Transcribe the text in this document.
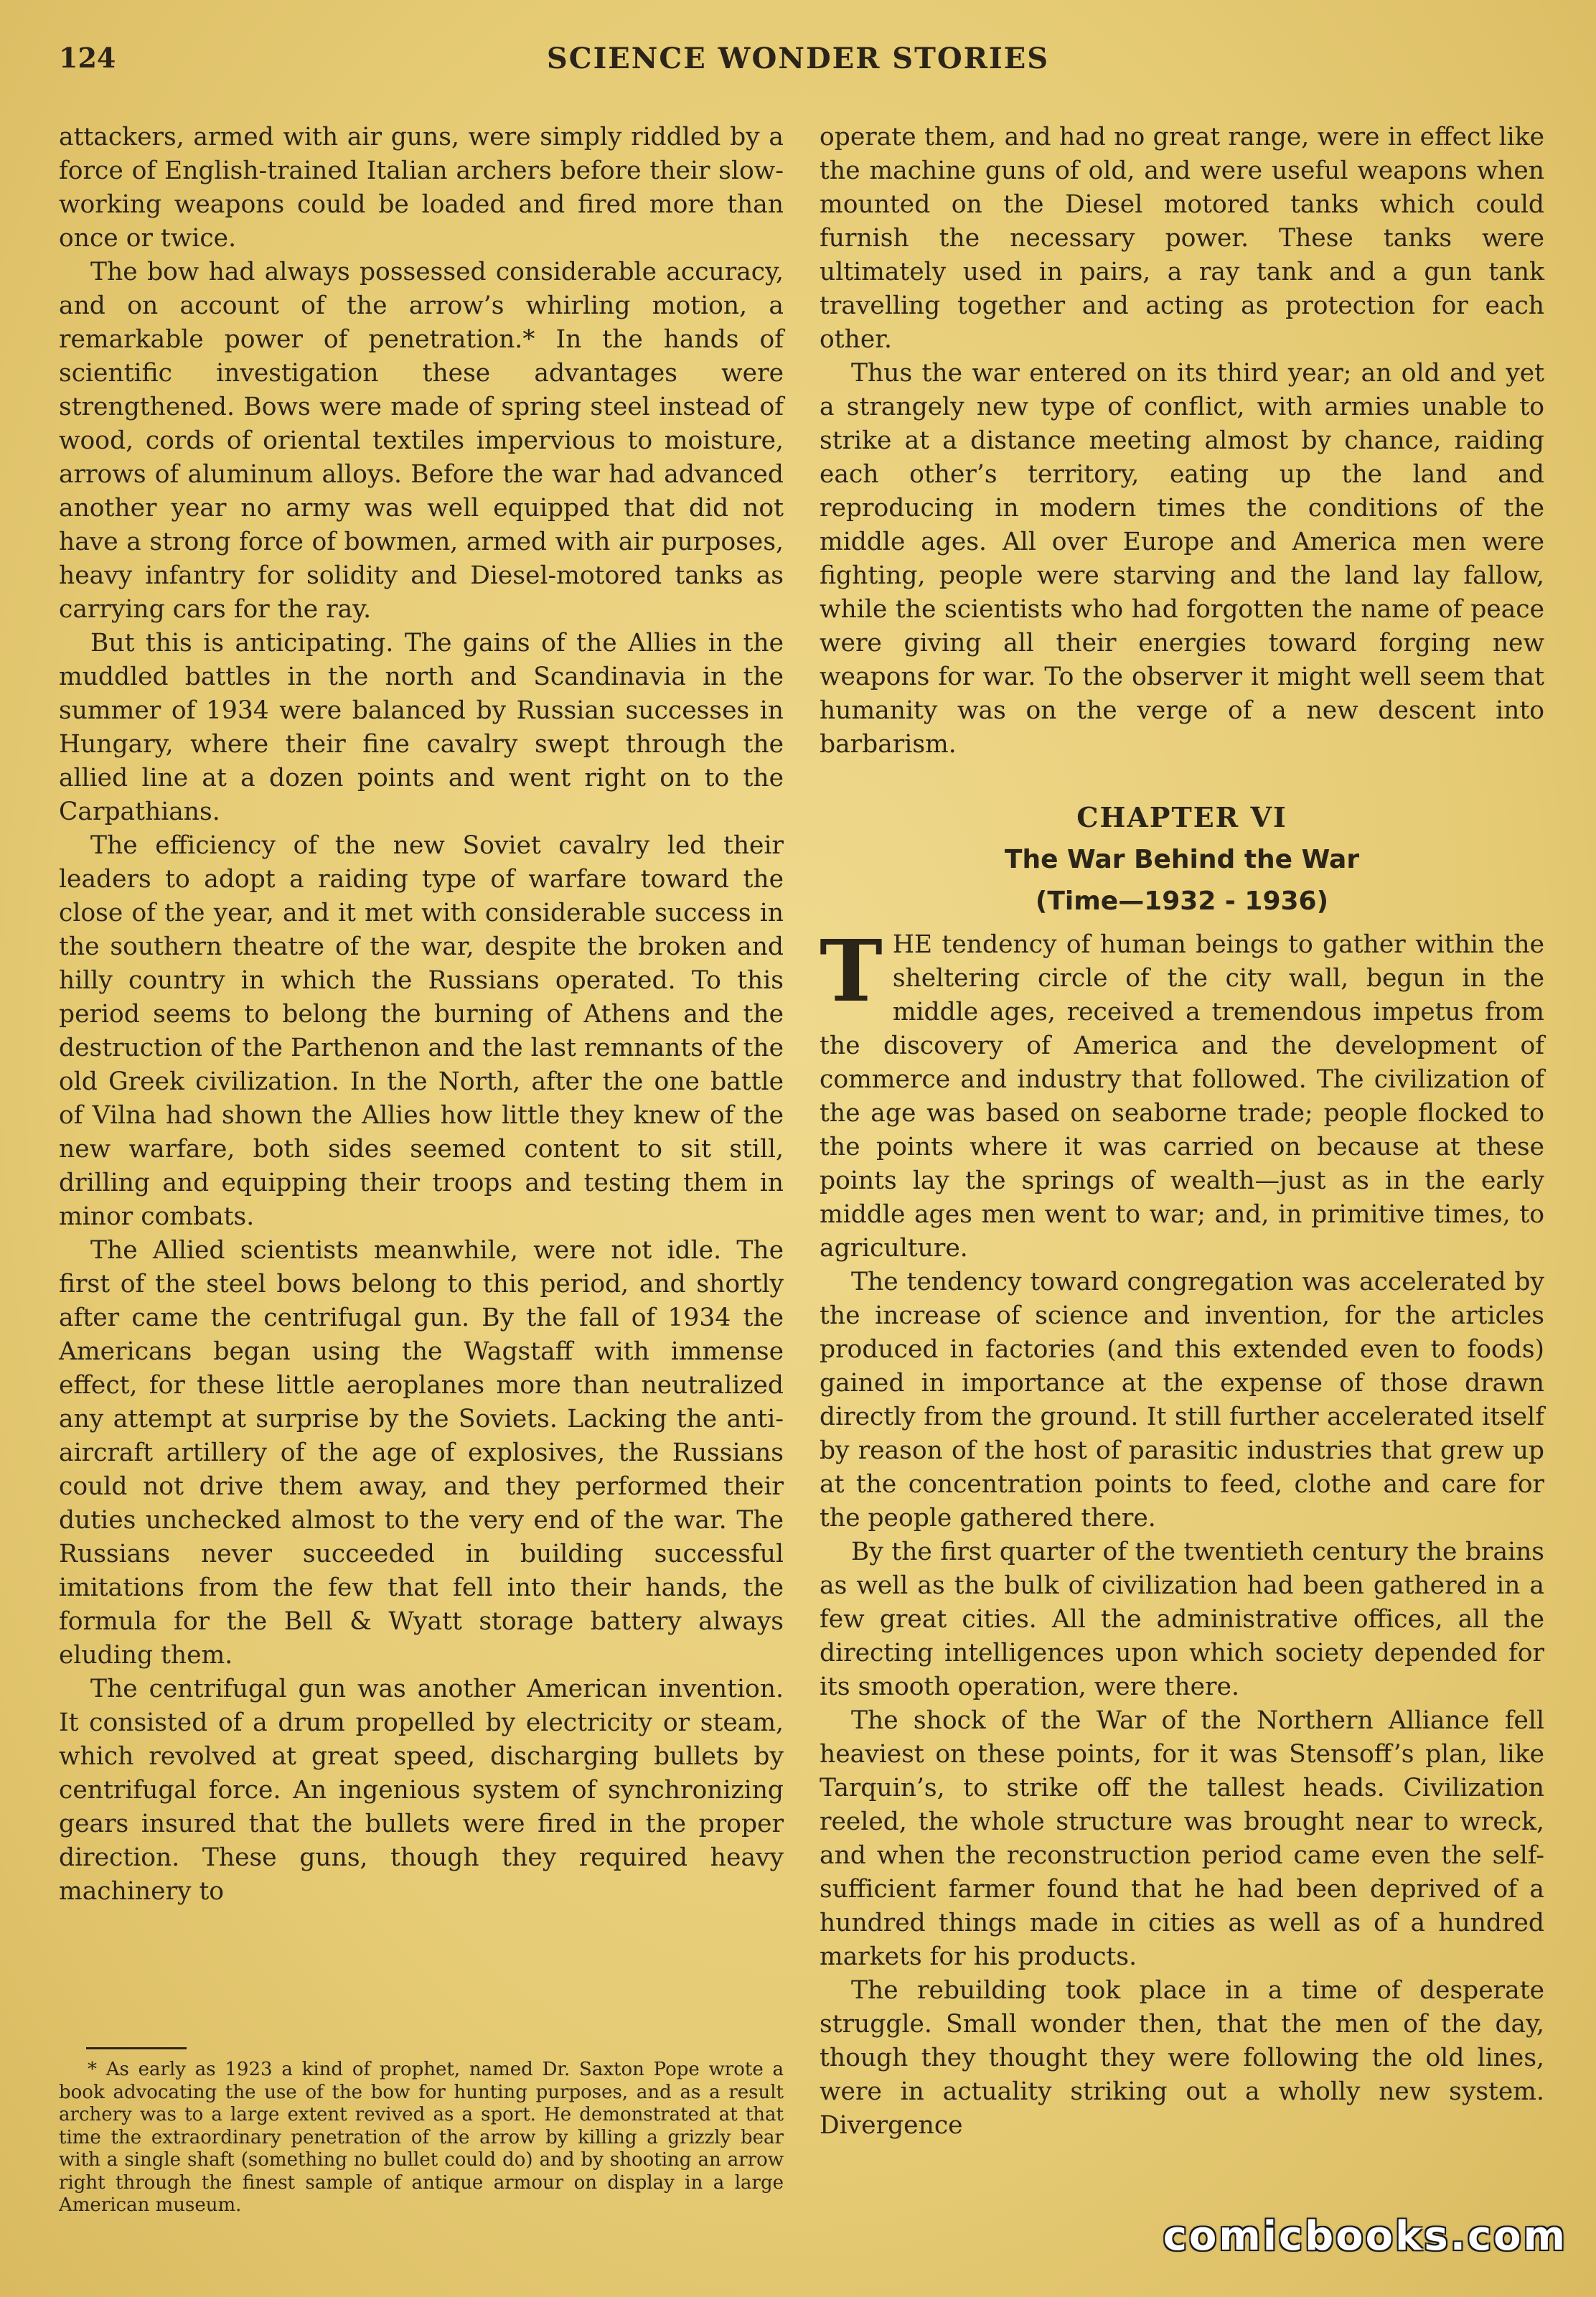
124	SCIENCE WONDER STORIES

attackers, armed with air guns, were simply riddled by a force of English-trained Italian archers before their slow-working weapons could be loaded and fired more than once or twice.

The bow had always possessed considerable accuracy, and on account of the arrow’s whirling motion, a remarkable power of penetration.* In the hands of scientific investigation these advantages were strengthened. Bows were made of spring steel instead of wood, cords of oriental textiles impervious to moisture, arrows of aluminum alloys. Before the war had advanced another year no army was well equipped that did not have a strong force of bowmen, armed with air purposes, heavy infantry for solidity and Diesel-motored tanks as carrying cars for the ray.

But this is anticipating. The gains of the Allies in the muddled battles in the north and Scandinavia in the summer of 1934 were balanced by Russian successes in Hungary, where their fine cavalry swept through the allied line at a dozen points and went right on to the Carpathians.

The efficiency of the new Soviet cavalry led their leaders to adopt a raiding type of warfare toward the close of the year, and it met with considerable success in the southern theatre of the war, despite the broken and hilly country in which the Russians operated. To this period seems to belong the burning of Athens and the destruction of the Parthenon and the last remnants of the old Greek civilization. In the North, after the one battle of Vilna had shown the Allies how little they knew of the new warfare, both sides seemed content to sit still, drilling and equipping their troops and testing them in minor combats.

The Allied scientists meanwhile, were not idle. The first of the steel bows belong to this period, and shortly after came the centrifugal gun. By the fall of 1934 the Americans began using the Wagstaff with immense effect, for these little aeroplanes more than neutralized any attempt at surprise by the Soviets. Lacking the anti-aircraft artillery of the age of explosives, the Russians could not drive them away, and they performed their duties unchecked almost to the very end of the war. The Russians never succeeded in building successful imitations from the few that fell into their hands, the formula for the Bell & Wyatt storage battery always eluding them.

The centrifugal gun was another American invention. It consisted of a drum propelled by electricity or steam, which revolved at great speed, discharging bullets by centrifugal force. An ingenious system of synchronizing gears insured that the bullets were fired in the proper direction. These guns, though they required heavy machinery to

* As early as 1923 a kind of prophet, named Dr. Saxton Pope wrote a book advocating the use of the bow for hunting purposes, and as a result archery was to a large extent revived as a sport. He demonstrated at that time the extraordinary penetration of the arrow by killing a grizzly bear with a single shaft (something no bullet could do) and by shooting an arrow right through the finest sample of antique armour on display in a large American museum.

operate them, and had no great range, were in effect like the machine guns of old, and were useful weapons when mounted on the Diesel motored tanks which could furnish the necessary power. These tanks were ultimately used in pairs, a ray tank and a gun tank travelling together and acting as protection for each other.

Thus the war entered on its third year; an old and yet a strangely new type of conflict, with armies unable to strike at a distance meeting almost by chance, raiding each other’s territory, eating up the land and reproducing in modern times the conditions of the middle ages. All over Europe and America men were fighting, people were starving and the land lay fallow, while the scientists who had forgotten the name of peace were giving all their energies toward forging new weapons for war. To the observer it might well seem that humanity was on the verge of a new descent into barbarism.

CHAPTER VI
The War Behind the War
(Time—1932 - 1936)

THE tendency of human beings to gather within the sheltering circle of the city wall, begun in the middle ages, received a tremendous impetus from the discovery of America and the development of commerce and industry that followed. The civilization of the age was based on seaborne trade; people flocked to the points where it was carried on because at these points lay the springs of wealth—just as in the early middle ages men went to war; and, in primitive times, to agriculture.

The tendency toward congregation was accelerated by the increase of science and invention, for the articles produced in factories (and this extended even to foods) gained in importance at the expense of those drawn directly from the ground. It still further accelerated itself by reason of the host of parasitic industries that grew up at the concentration points to feed, clothe and care for the people gathered there.

By the first quarter of the twentieth century the brains as well as the bulk of civilization had been gathered in a few great cities. All the administrative offices, all the directing intelligences upon which society depended for its smooth operation, were there.

The shock of the War of the Northern Alliance fell heaviest on these points, for it was Stensoff’s plan, like Tarquin’s, to strike off the tallest heads. Civilization reeled, the whole structure was brought near to wreck, and when the reconstruction period came even the self-sufficient farmer found that he had been deprived of a hundred things made in cities as well as of a hundred markets for his products.

The rebuilding took place in a time of desperate struggle. Small wonder then, that the men of the day, though they thought they were following the old lines, were in actuality striking out a wholly new system. Divergence

comicbooks.com
